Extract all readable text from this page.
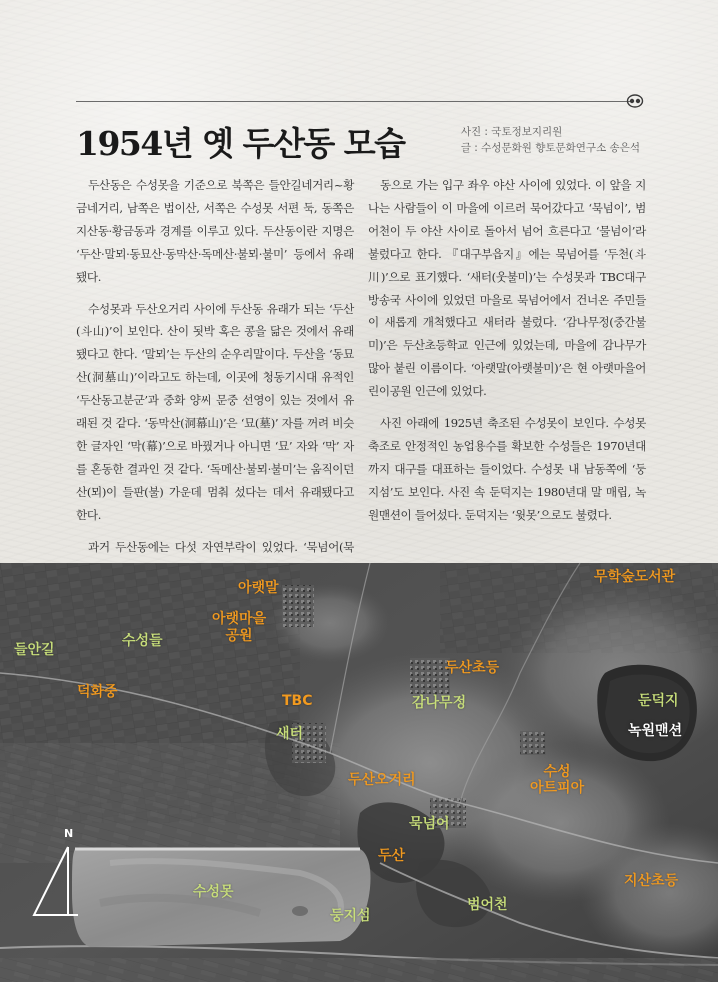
1954년 옛 두산동 모습	사진 : 국토정보지리원
글 : 수성문화원 향토문화연구소 송은석

두산동은 수성못을 기준으로 북쪽은 들안길네거리~황금네거리, 남쪽은 법이산, 서쪽은 수성못 서편 둑, 동쪽은 지산동·황금동과 경계를 이루고 있다. 두산동이란 지명은 ‘두산·말뫼·동묘산·동막산·독메산·불뫼·불미’ 등에서 유래됐다.

수성못과 두산오거리 사이에 두산동 유래가 되는 ‘두산(斗山)’이 보인다. 산이 됫박 혹은 콩을 닮은 것에서 유래됐다고 한다. ‘말뫼’는 두산의 순우리말이다. 두산을 ‘동묘산(洞墓山)’이라고도 하는데, 이곳에 청동기시대 유적인 ‘두산동고분군’과 중화 양씨 문중 선영이 있는 것에서 유래된 것 같다. ‘동막산(洞幕山)’은 ‘묘(墓)’ 자를 꺼려 비슷한 글자인 ‘막(幕)’으로 바꿨거나 아니면 ‘묘’ 자와 ‘막’ 자를 혼동한 결과인 것 같다. ‘독메산·불뫼·불미’는 움직이던 산(뫼)이 들판(불) 가운데 멈춰 섰다는 데서 유래됐다고 한다.

과거 두산동에는 다섯 자연부락이 있었다. ‘묵넘어(묵

동으로 가는 입구 좌우 야산 사이에 있었다. 이 앞을 지나는 사람들이 이 마을에 이르러 묵어갔다고 ‘묵넘이’, 범어천이 두 야산 사이로 돌아서 넘어 흐른다고 ‘물넘이’라 불렀다고 한다. 『대구부읍지』에는 묵넘어를 ‘두천(斗川)’으로 표기했다. ‘새터(웃불미)’는 수성못과 TBC대구방송국 사이에 있었던 마을로 묵넘어에서 건너온 주민들이 새롭게 개척했다고 새터라 불렀다. ‘감나무정(중간불미)’은 두산초등학교 인근에 있었는데, 마을에 감나무가 많아 붙린 이름이다. ‘아랫말(아랫불미)’은 현 아랫마을어린이공원 인근에 있었다.

사진 아래에 1925년 축조된 수성못이 보인다. 수성못 축조로 안정적인 농업용수를 확보한 수성들은 1970년대까지 대구를 대표하는 들이었다. 수성못 내 남동쪽에 ‘둥지섬’도 보인다. 사진 속 둔덕지는 1980년대 말 매립, 녹원맨션이 들어섰다. 둔덕지는 ‘윗못’으로도 불렸다.

아랫말
아랫마을
공원
무학숲도서관
들안길
수성들
덕화중
TBC
새터
두산초등
감나무정	둔덕지
녹원맨션
두산오거리	수성
아트피아
묵넘어
두산
지산초등
수성못
둥지섬
범어천
N
